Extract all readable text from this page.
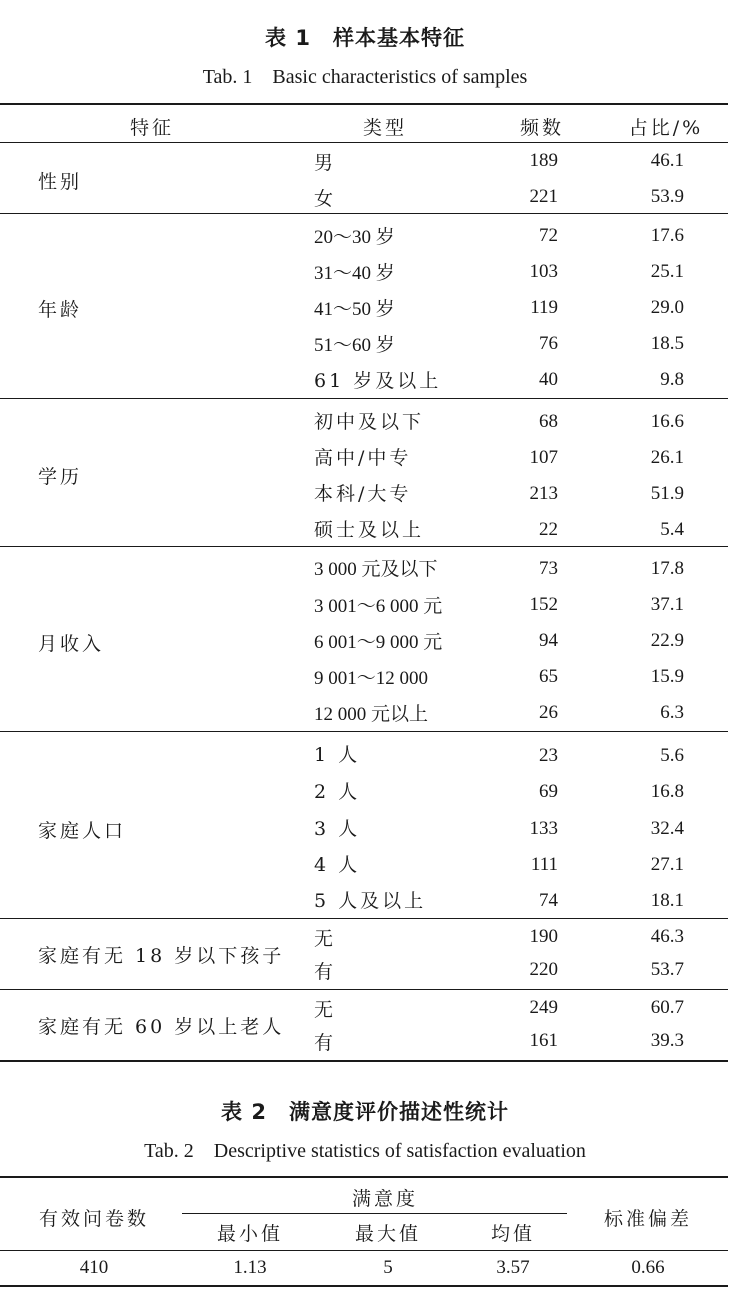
表 1　样本基本特征
Tab. 1　Basic characteristics of samples
特征	类型	频数	占比/%
性别
男	189	46.1
女	221	53.9
年龄
20～30 岁	72	17.6
31～40 岁	103	25.1
41～50 岁	119	29.0
51～60 岁	76	18.5
61 岁及以上	40	9.8
学历
初中及以下	68	16.6
高中/中专	107	26.1
本科/大专	213	51.9
硕士及以上	22	5.4
月收入
3 000 元及以下	73	17.8
3 001～6 000 元	152	37.1
6 001～9 000 元	94	22.9
9 001～12 000	65	15.9
12 000 元以上	26	6.3
家庭人口
1 人	23	5.6
2 人	69	16.8
3 人	133	32.4
4 人	111	27.1
5 人及以上	74	18.1
家庭有无 18 岁以下孩子
无	190	46.3
有	220	53.7
家庭有无 60 岁以上老人
无	249	60.7
有	161	39.3
表 2　满意度评价描述性统计
Tab. 2　Descriptive statistics of satisfaction evaluation
有效问卷数
满意度
最小值	最大值	均值
标准偏差
410	1.13	5	3.57	0.66
